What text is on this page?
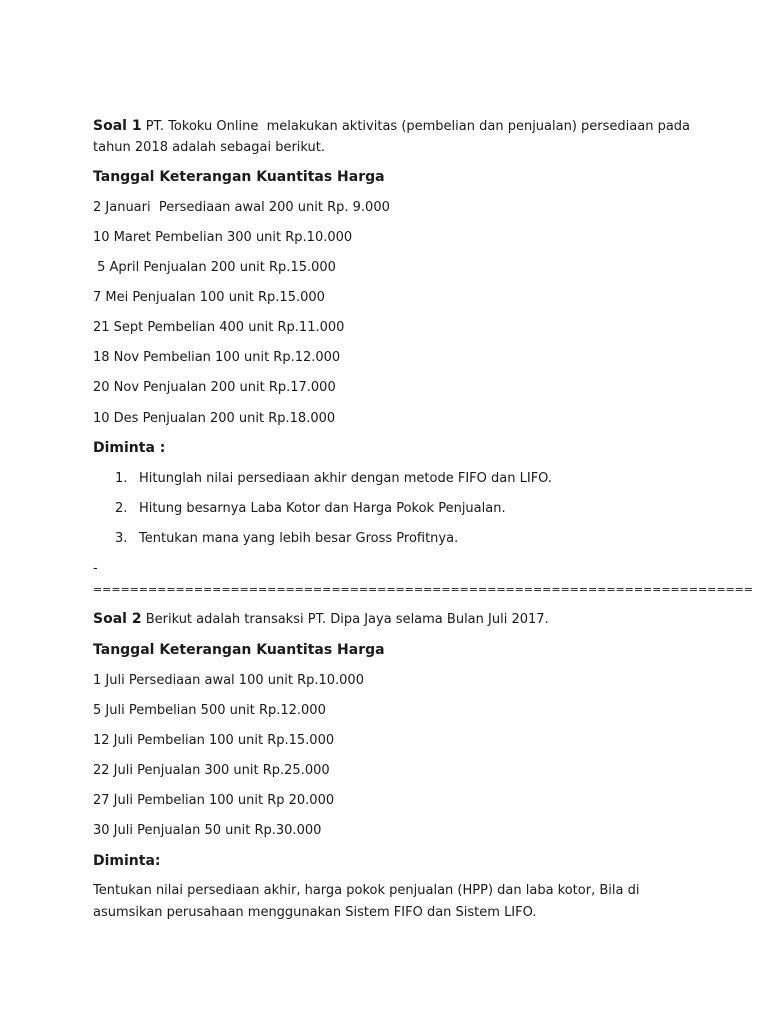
Soal 1 PT. Tokoku Online  melakukan aktivitas (pembelian dan penjualan) persediaan pada
tahun 2018 adalah sebagai berikut.
Tanggal Keterangan Kuantitas Harga
2 Januari  Persediaan awal 200 unit Rp. 9.000
10 Maret Pembelian 300 unit Rp.10.000
5 April Penjualan 200 unit Rp.15.000
7 Mei Penjualan 100 unit Rp.15.000
21 Sept Pembelian 400 unit Rp.11.000
18 Nov Pembelian 100 unit Rp.12.000
20 Nov Penjualan 200 unit Rp.17.000
10 Des Penjualan 200 unit Rp.18.000
Diminta :
1. Hitunglah nilai persediaan akhir dengan metode FIFO dan LIFO.
2. Hitung besarnya Laba Kotor dan Harga Pokok Penjualan.
3. Tentukan mana yang lebih besar Gross Profitnya.
-
========================================================================
Soal 2 Berikut adalah transaksi PT. Dipa Jaya selama Bulan Juli 2017.
Tanggal Keterangan Kuantitas Harga
1 Juli Persediaan awal 100 unit Rp.10.000
5 Juli Pembelian 500 unit Rp.12.000
12 Juli Pembelian 100 unit Rp.15.000
22 Juli Penjualan 300 unit Rp.25.000
27 Juli Pembelian 100 unit Rp 20.000
30 Juli Penjualan 50 unit Rp.30.000
Diminta:
Tentukan nilai persediaan akhir, harga pokok penjualan (HPP) dan laba kotor, Bila di
asumsikan perusahaan menggunakan Sistem FIFO dan Sistem LIFO.
